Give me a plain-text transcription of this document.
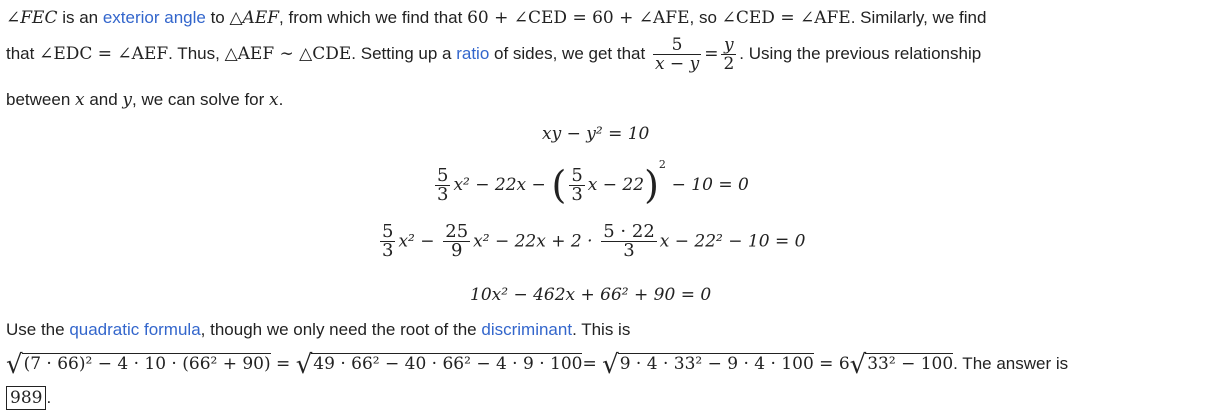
∠FEC is an exterior angle to △AEF, from which we find that 60 + ∠CED = 60 + ∠AFE, so ∠CED = ∠AFE. Similarly, we find
that ∠EDC = ∠AEF. Thus, △AEF ∼ △CDE. Setting up a ratio of sides, we get that $\frac{5}{x - y} = \frac{y}{2}$ . Using the previous relationship
between x and y, we can solve for x.
xy − y² = 10
$\frac{5}{3} x^2 - 22x$ − ( $\frac{5}{3}$ x − 22)$^2$ − 10 = 0
$\frac{5}{3} x^2 - \frac{25}{9} x^2 - 22x + 2 \cdot \frac{5 \cdot 22}{3}$ x − 22² − 10 = 0
10x² − 462x + 66² + 90 = 0
Use the quadratic formula, though we only need the root of the discriminant. This is
√(7 · 66)² − 4 · 10 · (66² + 90) = √49 · 66² − 40 · 66² − 4 · 9 · 100= √9 · 4 · 33² − 9 · 4 · 100 = 6√33² − 100. The answer is
989 .
